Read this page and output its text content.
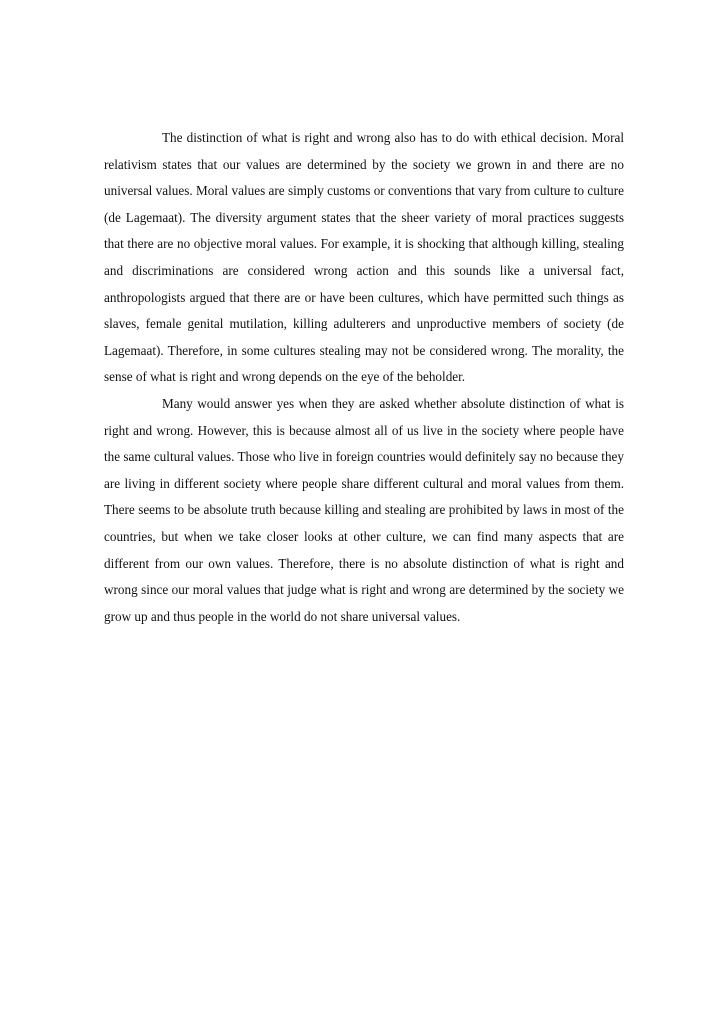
The distinction of what is right and wrong also has to do with ethical decision. Moral relativism states that our values are determined by the society we grown in and there are no universal values. Moral values are simply customs or conventions that vary from culture to culture (de Lagemaat). The diversity argument states that the sheer variety of moral practices suggests that there are no objective moral values. For example, it is shocking that although killing, stealing and discriminations are considered wrong action and this sounds like a universal fact, anthropologists argued that there are or have been cultures, which have permitted such things as slaves, female genital mutilation, killing adulterers and unproductive members of society (de Lagemaat). Therefore, in some cultures stealing may not be considered wrong. The morality, the sense of what is right and wrong depends on the eye of the beholder.

Many would answer yes when they are asked whether absolute distinction of what is right and wrong. However, this is because almost all of us live in the society where people have the same cultural values. Those who live in foreign countries would definitely say no because they are living in different society where people share different cultural and moral values from them. There seems to be absolute truth because killing and stealing are prohibited by laws in most of the countries, but when we take closer looks at other culture, we can find many aspects that are different from our own values. Therefore, there is no absolute distinction of what is right and wrong since our moral values that judge what is right and wrong are determined by the society we grow up and thus people in the world do not share universal values.
